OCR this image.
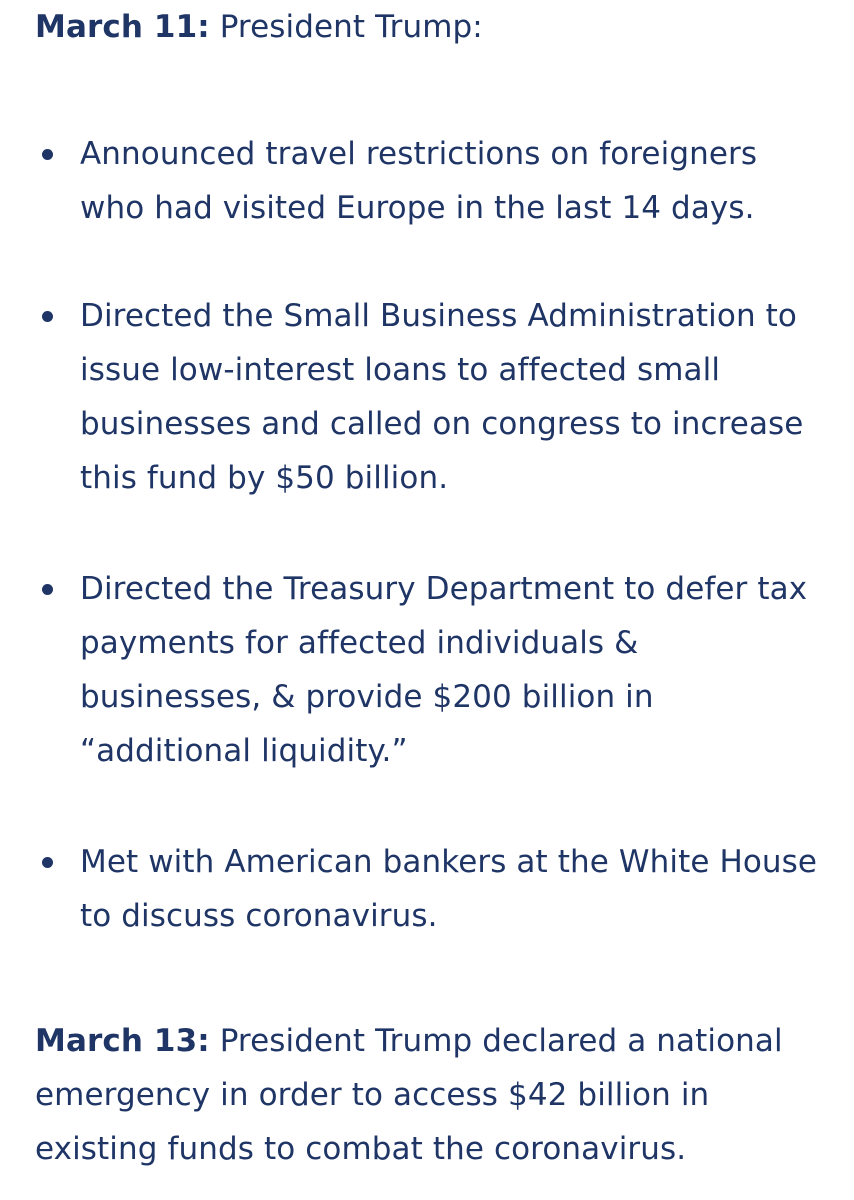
March 11: President Trump:

Announced travel restrictions on foreigners who had visited Europe in the last 14 days.
Directed the Small Business Administration to issue low-interest loans to affected small businesses and called on congress to increase this fund by $50 billion.
Directed the Treasury Department to defer tax payments for affected individuals & businesses, & provide $200 billion in “additional liquidity.”
Met with American bankers at the White House to discuss coronavirus.

March 13: President Trump declared a national emergency in order to access $42 billion in existing funds to combat the coronavirus.
